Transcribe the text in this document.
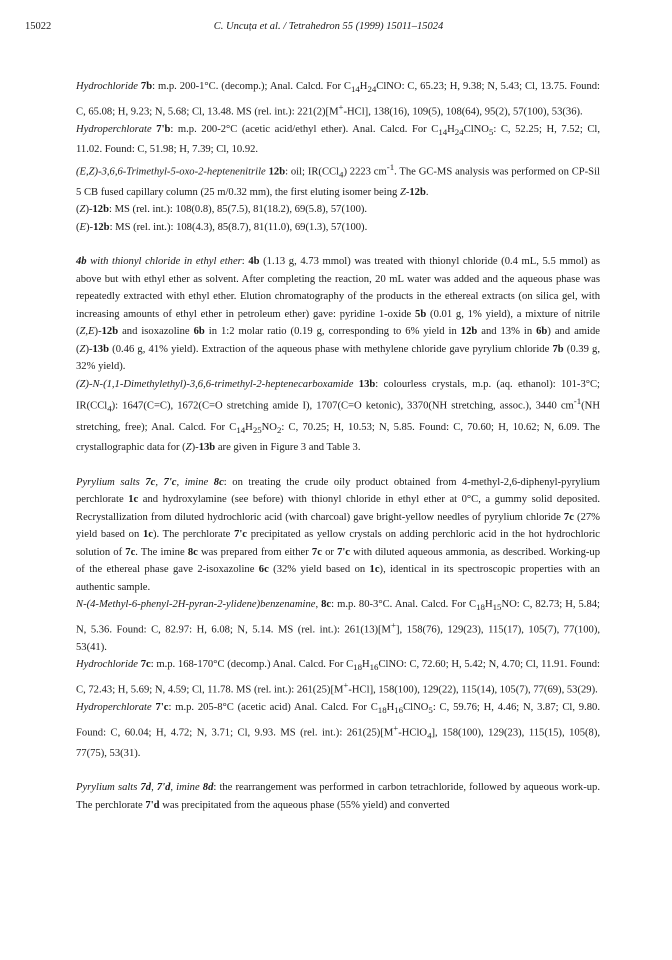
15022	C. Uncuța et al. / Tetrahedron 55 (1999) 15011–15024

Hydrochloride 7b: m.p. 200-1°C. (decomp.); Anal. Calcd. For $C_{14}H_{24}ClNO$: C, 65.23; H, 9.38; N, 5.43; Cl, 13.75. Found: C, 65.08; H, 9.23; N, 5.68; Cl, 13.48. MS (rel. int.): 221(2)[M+-HCl], 138(16), 109(5), 108(64), 95(2), 57(100), 53(36).

Hydroperchlorate 7'b: m.p. 200-2°C (acetic acid/ethyl ether). Anal. Calcd. For $C_{14}H_{24}ClNO_5$: C, 52.25; H, 7.52; Cl, 11.02. Found: C, 51.98; H, 7.39; Cl, 10.92.

(E,Z)-3,6,6-Trimethyl-5-oxo-2-heptenenitrile 12b: oil; IR(CCl$_4$) 2223 $cm^{-1}$. The GC-MS analysis was performed on CP-Sil 5 CB fused capillary column (25 m/0.32 mm), the first eluting isomer being Z-12b.

(Z)-12b: MS (rel. int.): 108(0.8), 85(7.5), 81(18.2), 69(5.8), 57(100).

(E)-12b: MS (rel. int.): 108(4.3), 85(8.7), 81(11.0), 69(1.3), 57(100).

4b with thionyl chloride in ethyl ether: 4b (1.13 g, 4.73 mmol) was treated with thionyl chloride (0.4 mL, 5.5 mmol) as above but with ethyl ether as solvent. After completing the reaction, 20 mL water was added and the aqueous phase was repeatedly extracted with ethyl ether. Elution chromatography of the products in the ethereal extracts (on silica gel, with increasing amounts of ethyl ether in petroleum ether) gave: pyridine 1-oxide 5b (0.01 g, 1% yield), a mixture of nitrile (Z,E)-12b and isoxazoline 6b in 1:2 molar ratio (0.19 g, corresponding to 6% yield in 12b and 13% in 6b) and amide (Z)-13b (0.46 g, 41% yield). Extraction of the aqueous phase with methylene chloride gave pyrylium chloride 7b (0.39 g, 32% yield).

(Z)-N-(1,1-Dimethylethyl)-3,6,6-trimethyl-2-heptenecarboxamide 13b: colourless crystals, m.p. (aq. ethanol): 101-3°C; IR(CCl$_4$): 1647(C=C), 1672(C=O stretching amide I), 1707(C=O ketonic), 3370(NH stretching, assoc.), 3440 $cm^{-1}(NH$ stretching, free); Anal. Calcd. For $C_{14}H_{25}NO_2$: C, 70.25; H, 10.53; N, 5.85. Found: C, 70.60; H, 10.62; N, 6.09. The crystallographic data for (Z)-13b are given in Figure 3 and Table 3.

Pyrylium salts 7c, 7'c, imine 8c: on treating the crude oily product obtained from 4-methyl-2,6-diphenyl-pyrylium perchlorate 1c and hydroxylamine (see before) with thionyl chloride in ethyl ether at 0°C, a gummy solid deposited. Recrystallization from diluted hydrochloric acid (with charcoal) gave bright-yellow needles of pyrylium chloride 7c (27% yield based on 1c). The perchlorate 7'c precipitated as yellow crystals on adding perchloric acid in the hot hydrochloric solution of 7c. The imine 8c was prepared from either 7c or 7'c with diluted aqueous ammonia, as described. Working-up of the ethereal phase gave 2-isoxazoline 6c (32% yield based on 1c), identical in its spectroscopic properties with an authentic sample.

N-(4-Methyl-6-phenyl-2H-pyran-2-ylidene)benzenamine, 8c: m.p. 80-3°C. Anal. Calcd. For $C_{18}H_{15}NO$: C, 82.73; H, 5.84; N, 5.36. Found: C, 82.97: H, 6.08; N, 5.14. MS (rel. int.): 261(13)[M+], 158(76), 129(23), 115(17), 105(7), 77(100), 53(41).

Hydrochloride 7c: m.p. 168-170°C (decomp.) Anal. Calcd. For $C_{18}H_{16}ClNO$: C, 72.60; H, 5.42; N, 4.70; Cl, 11.91. Found: C, 72.43; H, 5.69; N, 4.59; Cl, 11.78. MS (rel. int.): 261(25)[M+-HCl], 158(100), 129(22), 115(14), 105(7), 77(69), 53(29).

Hydroperchlorate 7'c: m.p. 205-8°C (acetic acid) Anal. Calcd. For $C_{18}H_{16}ClNO_5$: C, 59.76; H, 4.46; N, 3.87; Cl, 9.80. Found: C, 60.04; H, 4.72; N, 3.71; Cl, 9.93. MS (rel. int.): 261(25)[M+-HClO$_4$], 158(100), 129(23), 115(15), 105(8), 77(75), 53(31).

Pyrylium salts 7d, 7'd, imine 8d: the rearrangement was performed in carbon tetrachloride, followed by aqueous work-up. The perchlorate 7'd was precipitated from the aqueous phase (55% yield) and converted
